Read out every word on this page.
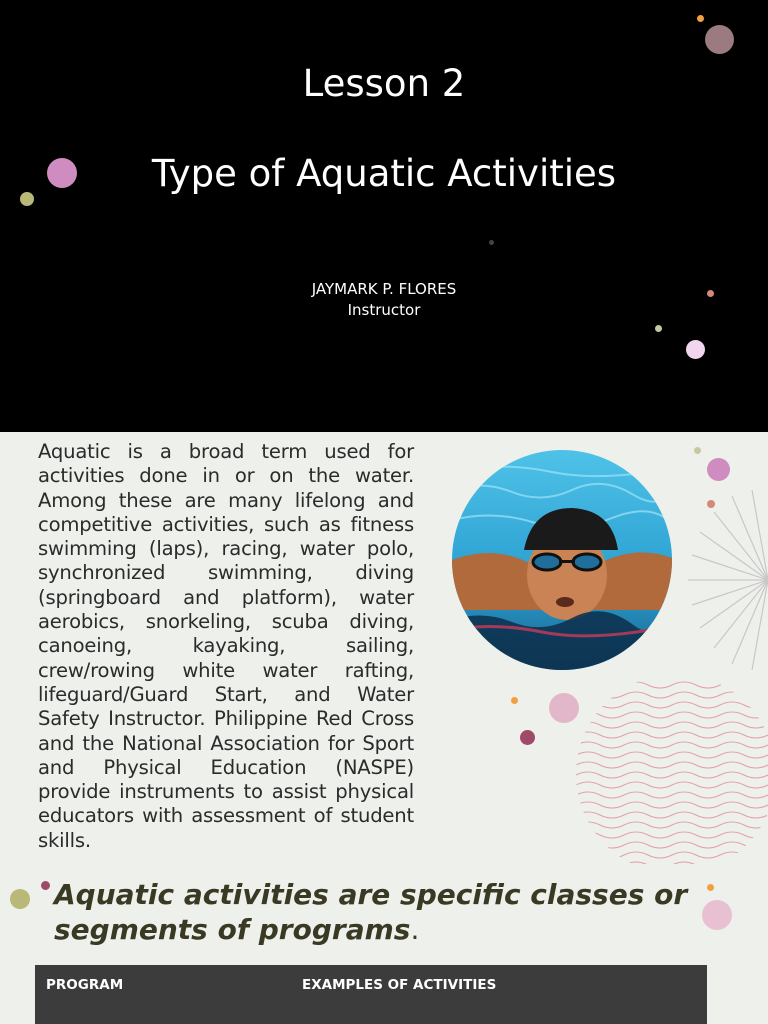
Lesson 2
Type of Aquatic Activities
JAYMARK P. FLORES
Instructor
Aquatic is a broad term used for activities done in or on the water. Among these are many lifelong and competitive activities, such as fitness swimming (laps), racing, water polo, synchronized swimming, diving (springboard and platform), water aerobics, snorkeling, scuba diving, canoeing, kayaking, sailing, crew/rowing white water rafting, lifeguard/Guard Start, and Water Safety Instructor. Philippine Red Cross and the National Association for Sport and Physical Education (NASPE) provide instruments to assist physical educators with assessment of student skills.
Aquatic activities are specific classes or segments of programs.
PROGRAM	EXAMPLES OF ACTIVITIES
